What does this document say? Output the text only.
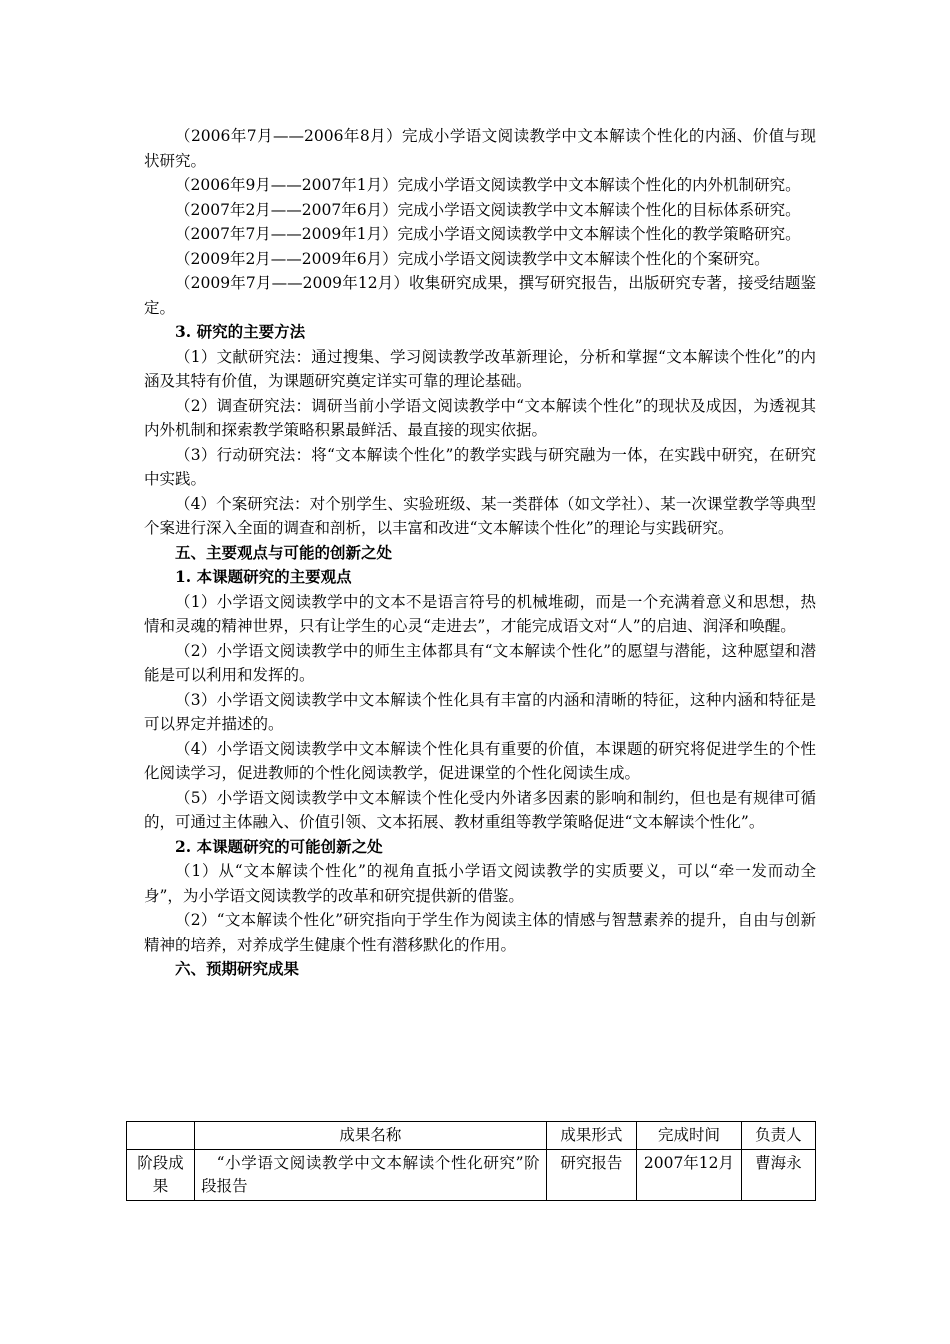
（2006年7月——2006年8月）完成小学语文阅读教学中文本解读个性化的内涵、价值与现状研究。

（2006年9月——2007年1月）完成小学语文阅读教学中文本解读个性化的内外机制研究。

（2007年2月——2007年6月）完成小学语文阅读教学中文本解读个性化的目标体系研究。

（2007年7月——2009年1月）完成小学语文阅读教学中文本解读个性化的教学策略研究。

（2009年2月——2009年6月）完成小学语文阅读教学中文本解读个性化的个案研究。

（2009年7月——2009年12月）收集研究成果，撰写研究报告，出版研究专著，接受结题鉴定。

3. 研究的主要方法

（1）文献研究法：通过搜集、学习阅读教学改革新理论，分析和掌握“文本解读个性化”的内涵及其特有价值，为课题研究奠定详实可靠的理论基础。

（2）调查研究法：调研当前小学语文阅读教学中“文本解读个性化”的现状及成因，为透视其内外机制和探索教学策略积累最鲜活、最直接的现实依据。

（3）行动研究法：将“文本解读个性化”的教学实践与研究融为一体，在实践中研究，在研究中实践。

（4）个案研究法：对个别学生、实验班级、某一类群体（如文学社）、某一次课堂教学等典型个案进行深入全面的调查和剖析，以丰富和改进“文本解读个性化”的理论与实践研究。

五、主要观点与可能的创新之处

1. 本课题研究的主要观点

（1）小学语文阅读教学中的文本不是语言符号的机械堆砌，而是一个充满着意义和思想，热情和灵魂的精神世界，只有让学生的心灵“走进去”，才能完成语文对“人”的启迪、润泽和唤醒。

（2）小学语文阅读教学中的师生主体都具有“文本解读个性化”的愿望与潜能，这种愿望和潜能是可以利用和发挥的。

（3）小学语文阅读教学中文本解读个性化具有丰富的内涵和清晰的特征，这种内涵和特征是可以界定并描述的。

（4）小学语文阅读教学中文本解读个性化具有重要的价值，本课题的研究将促进学生的个性化阅读学习，促进教师的个性化阅读教学，促进课堂的个性化阅读生成。

（5）小学语文阅读教学中文本解读个性化受内外诸多因素的影响和制约，但也是有规律可循的，可通过主体融入、价值引领、文本拓展、教材重组等教学策略促进“文本解读个性化”。

2. 本课题研究的可能创新之处

（1）从“文本解读个性化”的视角直抵小学语文阅读教学的实质要义，可以“牵一发而动全身”，为小学语文阅读教学的改革和研究提供新的借鉴。

（2）“文本解读个性化”研究指向于学生作为阅读主体的情感与智慧素养的提升，自由与创新精神的培养，对养成学生健康个性有潜移默化的作用。

六、预期研究成果

	成果名称	成果形式	完成时间	负责人
阶段成果	“小学语文阅读教学中文本解读个性化研究”阶段报告	研究报告	2007年12月	曹海永
